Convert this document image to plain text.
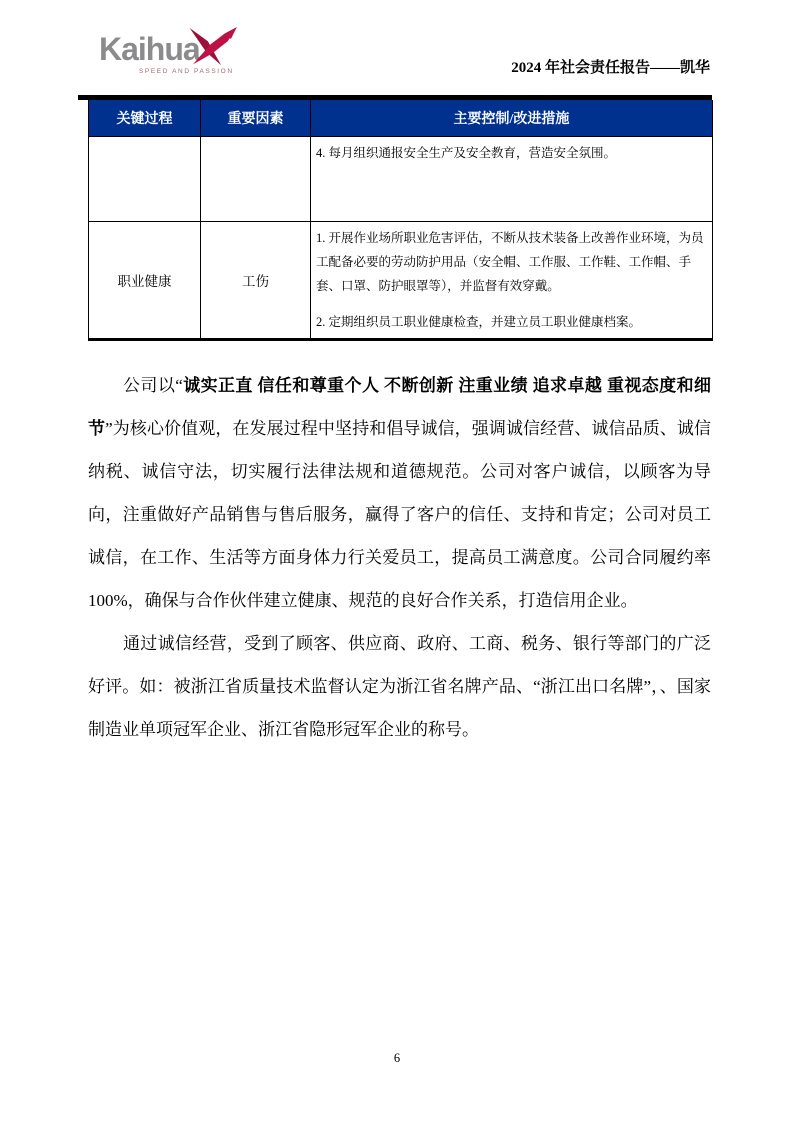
Kaihua
SPEED AND PASSION	2024 年社会责任报告——凯华
关键过程	重要因素	主要控制/改进措施

		4. 每月组织通报安全生产及安全教育，营造安全氛围。

职业健康	工伤	1. 开展作业场所职业危害评估，不断从技术装备上改善作业环境，为员工配备必要的劳动防护用品（安全帽、工作服、工作鞋、工作帽、手套、口罩、防护眼罩等），并监督有效穿戴。

2. 定期组织员工职业健康检查，并建立员工职业健康档案。

公司以“诚实正直 信任和尊重个人 不断创新 注重业绩 追求卓越 重视态度和细节”为核心价值观，在发展过程中坚持和倡导诚信，强调诚信经营、诚信品质、诚信纳税、诚信守法，切实履行法律法规和道德规范。公司对客户诚信，以顾客为导向，注重做好产品销售与售后服务，赢得了客户的信任、支持和肯定；公司对员工诚信，在工作、生活等方面身体力行关爱员工，提高员工满意度。公司合同履约率 100%，确保与合作伙伴建立健康、规范的良好合作关系，打造信用企业。

通过诚信经营，受到了顾客、供应商、政府、工商、税务、银行等部门的广泛好评。如：被浙江省质量技术监督认定为浙江省名牌产品、“浙江出口名牌”，、国家制造业单项冠军企业、浙江省隐形冠军企业的称号。

6
